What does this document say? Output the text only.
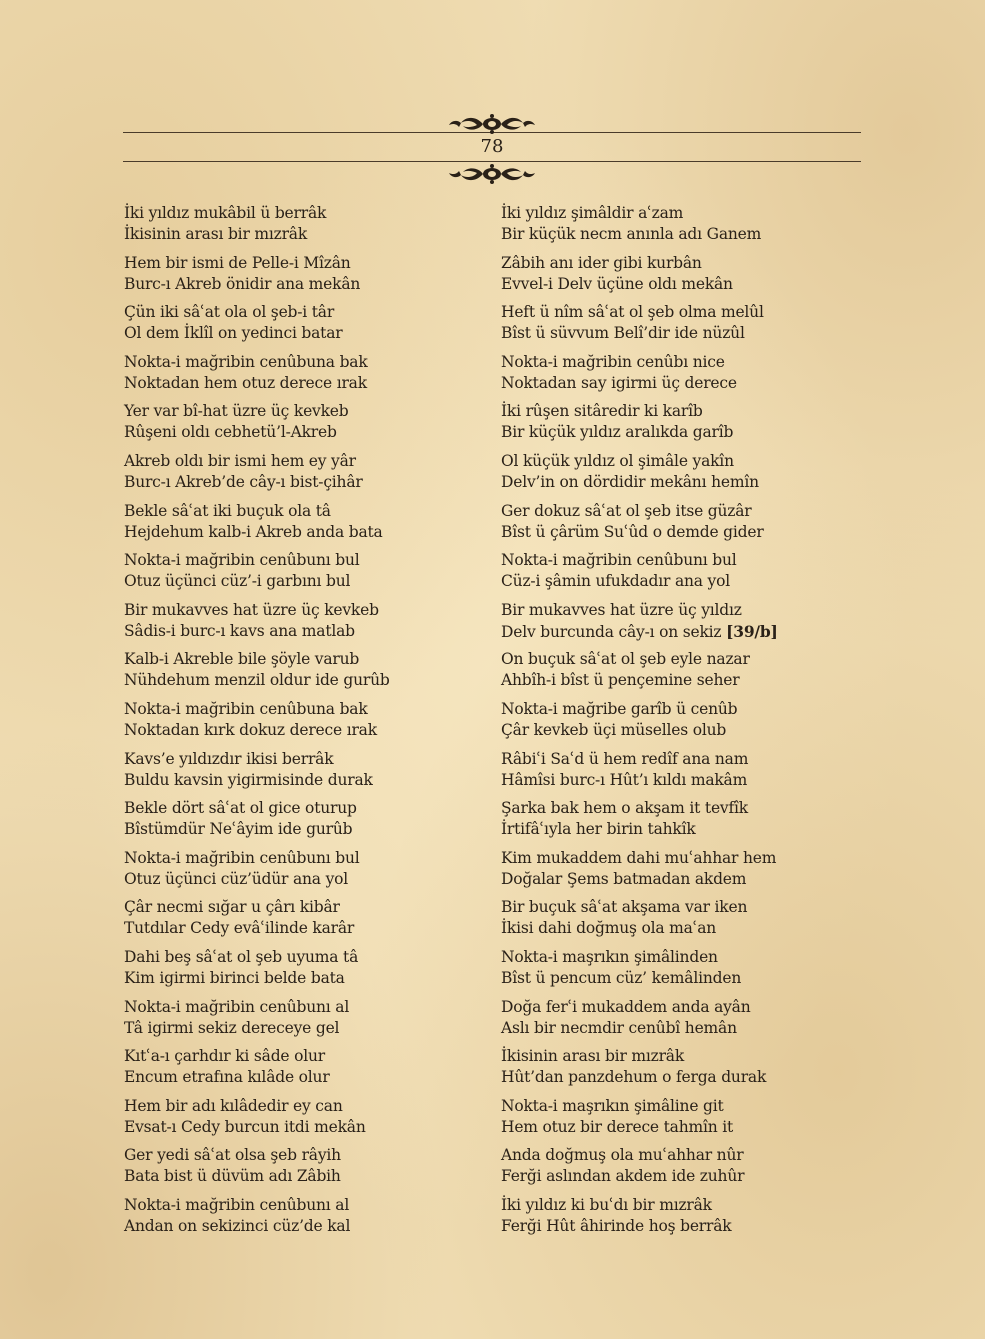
78
İki yıldız mukâbil ü berrâk
İkisinin arası bir mızrâk
Hem bir ismi de Pelle-i Mîzân
Burc-ı Akreb önidir ana mekân
Çün iki sâʿat ola ol şeb-i târ
Ol dem İklîl on yedinci batar
Nokta-i mağribin cenûbuna bak
Noktadan hem otuz derece ırak
Yer var bî-hat üzre üç kevkeb
Rûşeni oldı cebhetü’l-Akreb
Akreb oldı bir ismi hem ey yâr
Burc-ı Akreb’de cây-ı bist-çihâr
Bekle sâʿat iki buçuk ola tâ
Hejdehum kalb-i Akreb anda bata
Nokta-i mağribin cenûbunı bul
Otuz üçünci cüz’-i garbını bul
Bir mukavves hat üzre üç kevkeb
Sâdis-i burc-ı kavs ana matlab
Kalb-i Akreble bile şöyle varub
Nühdehum menzil oldur ide gurûb
Nokta-i mağribin cenûbuna bak
Noktadan kırk dokuz derece ırak
Kavs’e yıldızdır ikisi berrâk
Buldu kavsin yigirmisinde durak
Bekle dört sâʿat ol gice oturup
Bîstümdür Neʿâyim ide gurûb
Nokta-i mağribin cenûbunı bul
Otuz üçünci cüz’üdür ana yol
Çâr necmi sığar u çârı kibâr
Tutdılar Cedy evâʿilinde karâr
Dahi beş sâʿat ol şeb uyuma tâ
Kim igirmi birinci belde bata
Nokta-i mağribin cenûbunı al
Tâ igirmi sekiz dereceye gel
Kıtʿa-ı çarhdır ki sâde olur
Encum etrafına kılâde olur
Hem bir adı kılâdedir ey can
Evsat-ı Cedy burcun itdi mekân
Ger yedi sâʿat olsa şeb râyih
Bata bist ü düvüm adı Zâbih
Nokta-i mağribin cenûbunı al
Andan on sekizinci cüz’de kal
İki yıldız şimâldir aʿzam
Bir küçük necm anınla adı Ganem
Zâbih anı ider gibi kurbân
Evvel-i Delv üçüne oldı mekân
Heft ü nîm sâʿat ol şeb olma melûl
Bîst ü süvvum Belî’dir ide nüzûl
Nokta-i mağribin cenûbı nice
Noktadan say igirmi üç derece
İki rûşen sitâredir ki karîb
Bir küçük yıldız aralıkda garîb
Ol küçük yıldız ol şimâle yakîn
Delv’in on dördidir mekânı hemîn
Ger dokuz sâʿat ol şeb itse güzâr
Bîst ü çârüm Suʿûd o demde gider
Nokta-i mağribin cenûbunı bul
Cüz-i şâmin ufukdadır ana yol
Bir mukavves hat üzre üç yıldız
Delv burcunda cây-ı on sekiz [39/b]
On buçuk sâʿat ol şeb eyle nazar
Ahbîh-i bîst ü pençemine seher
Nokta-i mağribe garîb ü cenûb
Çâr kevkeb üçi müselles olub
Râbiʿi Saʿd ü hem redîf ana nam
Hâmîsi burc-ı Hût’ı kıldı makâm
Şarka bak hem o akşam it tevfîk
İrtifâʿıyla her birin tahkîk
Kim mukaddem dahi muʿahhar hem
Doğalar Şems batmadan akdem
Bir buçuk sâʿat akşama var iken
İkisi dahi doğmuş ola maʿan
Nokta-i maşrıkın şimâlinden
Bîst ü pencum cüz’ kemâlinden
Doğa ferʿi mukaddem anda ayân
Aslı bir necmdir cenûbî hemân
İkisinin arası bir mızrâk
Hût’dan panzdehum o ferga durak
Nokta-i maşrıkın şimâline git
Hem otuz bir derece tahmîn it
Anda doğmuş ola muʿahhar nûr
Ferği aslından akdem ide zuhûr
İki yıldız ki buʿdı bir mızrâk
Ferği Hût âhirinde hoş berrâk
